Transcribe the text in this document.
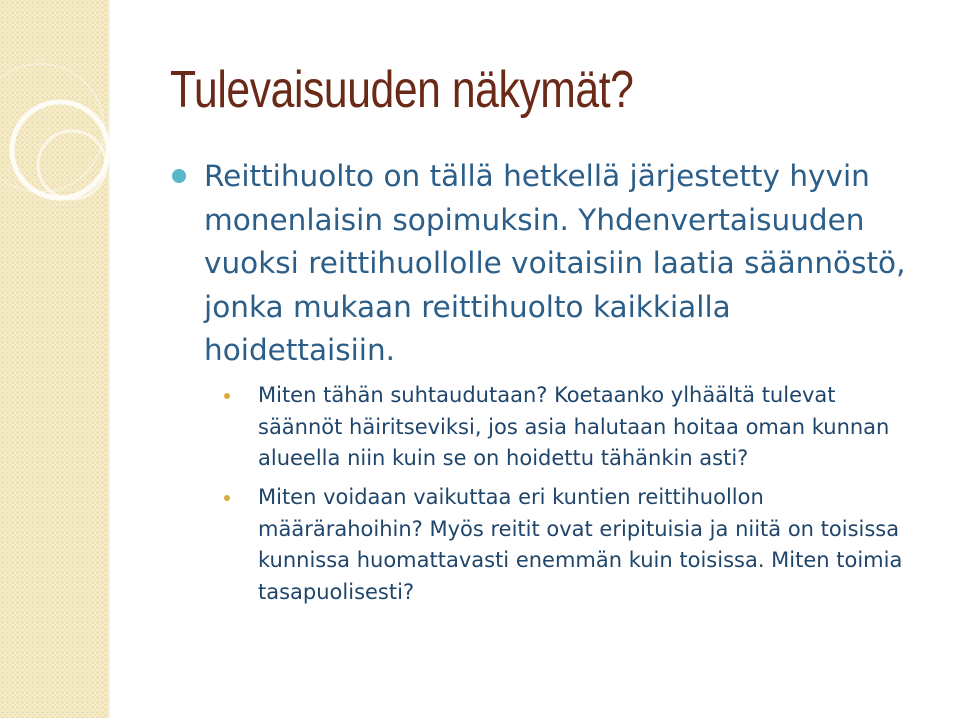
Tulevaisuuden näkymät?
Reittihuolto on tällä hetkellä järjestetty hyvin monenlaisin sopimuksin. Yhdenvertaisuuden vuoksi reittihuollolle voitaisiin laatia säännöstö, jonka mukaan reittihuolto kaikkialla hoidettaisiin.
Miten tähän suhtaudutaan? Koetaanko ylhäältä tulevat säännöt häiritseviksi, jos asia halutaan hoitaa oman kunnan alueella niin kuin se on hoidettu tähänkin asti?
Miten voidaan vaikuttaa eri kuntien reittihuollon määrärahoihin? Myös reitit ovat eripituisia ja niitä on toisissa kunnissa huomattavasti enemmän kuin toisissa. Miten toimia tasapuolisesti?
